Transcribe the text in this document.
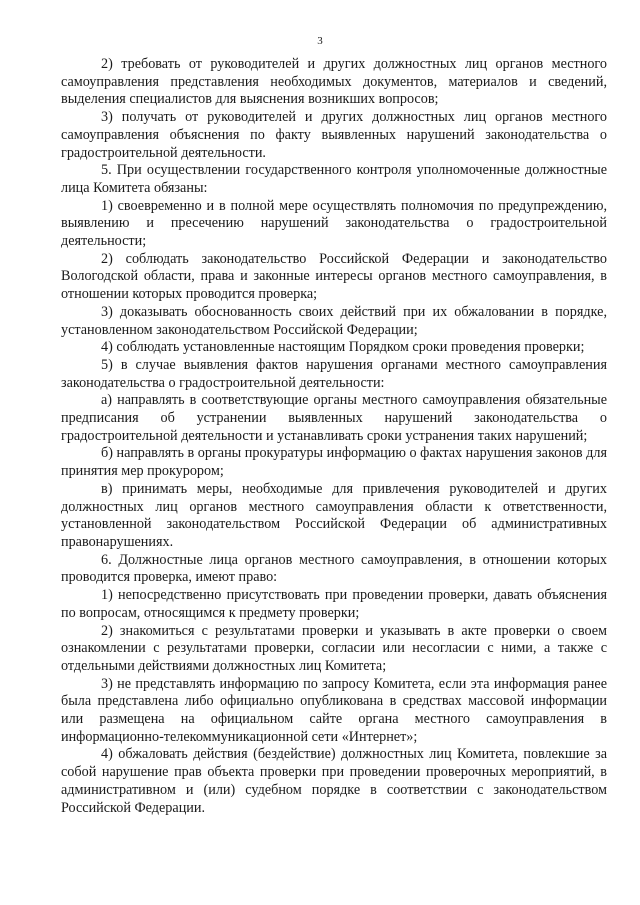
3

2) требовать от руководителей и других должностных лиц органов местного самоуправления представления необходимых документов, материалов и сведений, выделения специалистов для выяснения возникших вопросов;

3) получать от руководителей и других должностных лиц органов местного самоуправления объяснения по факту выявленных нарушений законодательства о градостроительной деятельности.

5. При осуществлении государственного контроля уполномоченные должностные лица Комитета обязаны:

1) своевременно и в полной мере осуществлять полномочия по предупреждению, выявлению и пресечению нарушений законодательства о градостроительной деятельности;

2) соблюдать законодательство Российской Федерации и законодательство Вологодской области, права и законные интересы органов местного самоуправления, в отношении которых проводится проверка;

3) доказывать обоснованность своих действий при их обжаловании в порядке, установленном законодательством Российской Федерации;

4) соблюдать установленные настоящим Порядком сроки проведения проверки;

5) в случае выявления фактов нарушения органами местного самоуправления законодательства о градостроительной деятельности:

а) направлять в соответствующие органы местного самоуправления обязательные предписания об устранении выявленных нарушений законодательства о градостроительной деятельности и устанавливать сроки устранения таких нарушений;

б) направлять в органы прокуратуры информацию о фактах нарушения законов для принятия мер прокурором;

в) принимать меры, необходимые для привлечения руководителей и других должностных лиц органов местного самоуправления области к ответственности, установленной законодательством Российской Федерации об административных правонарушениях.

6. Должностные лица органов местного самоуправления, в отношении которых проводится проверка, имеют право:

1) непосредственно присутствовать при проведении проверки, давать объяснения по вопросам, относящимся к предмету проверки;

2) знакомиться с результатами проверки и указывать в акте проверки о своем ознакомлении с результатами проверки, согласии или несогласии с ними, а также с отдельными действиями должностных лиц Комитета;

3) не представлять информацию по запросу Комитета, если эта информация ранее была представлена либо официально опубликована в средствах массовой информации или размещена на официальном сайте органа местного самоуправления в информационно-телекоммуникационной сети «Интернет»;

4) обжаловать действия (бездействие) должностных лиц Комитета, повлекшие за собой нарушение прав объекта проверки при проведении проверочных мероприятий, в административном и (или) судебном порядке в соответствии с законодательством Российской Федерации.
